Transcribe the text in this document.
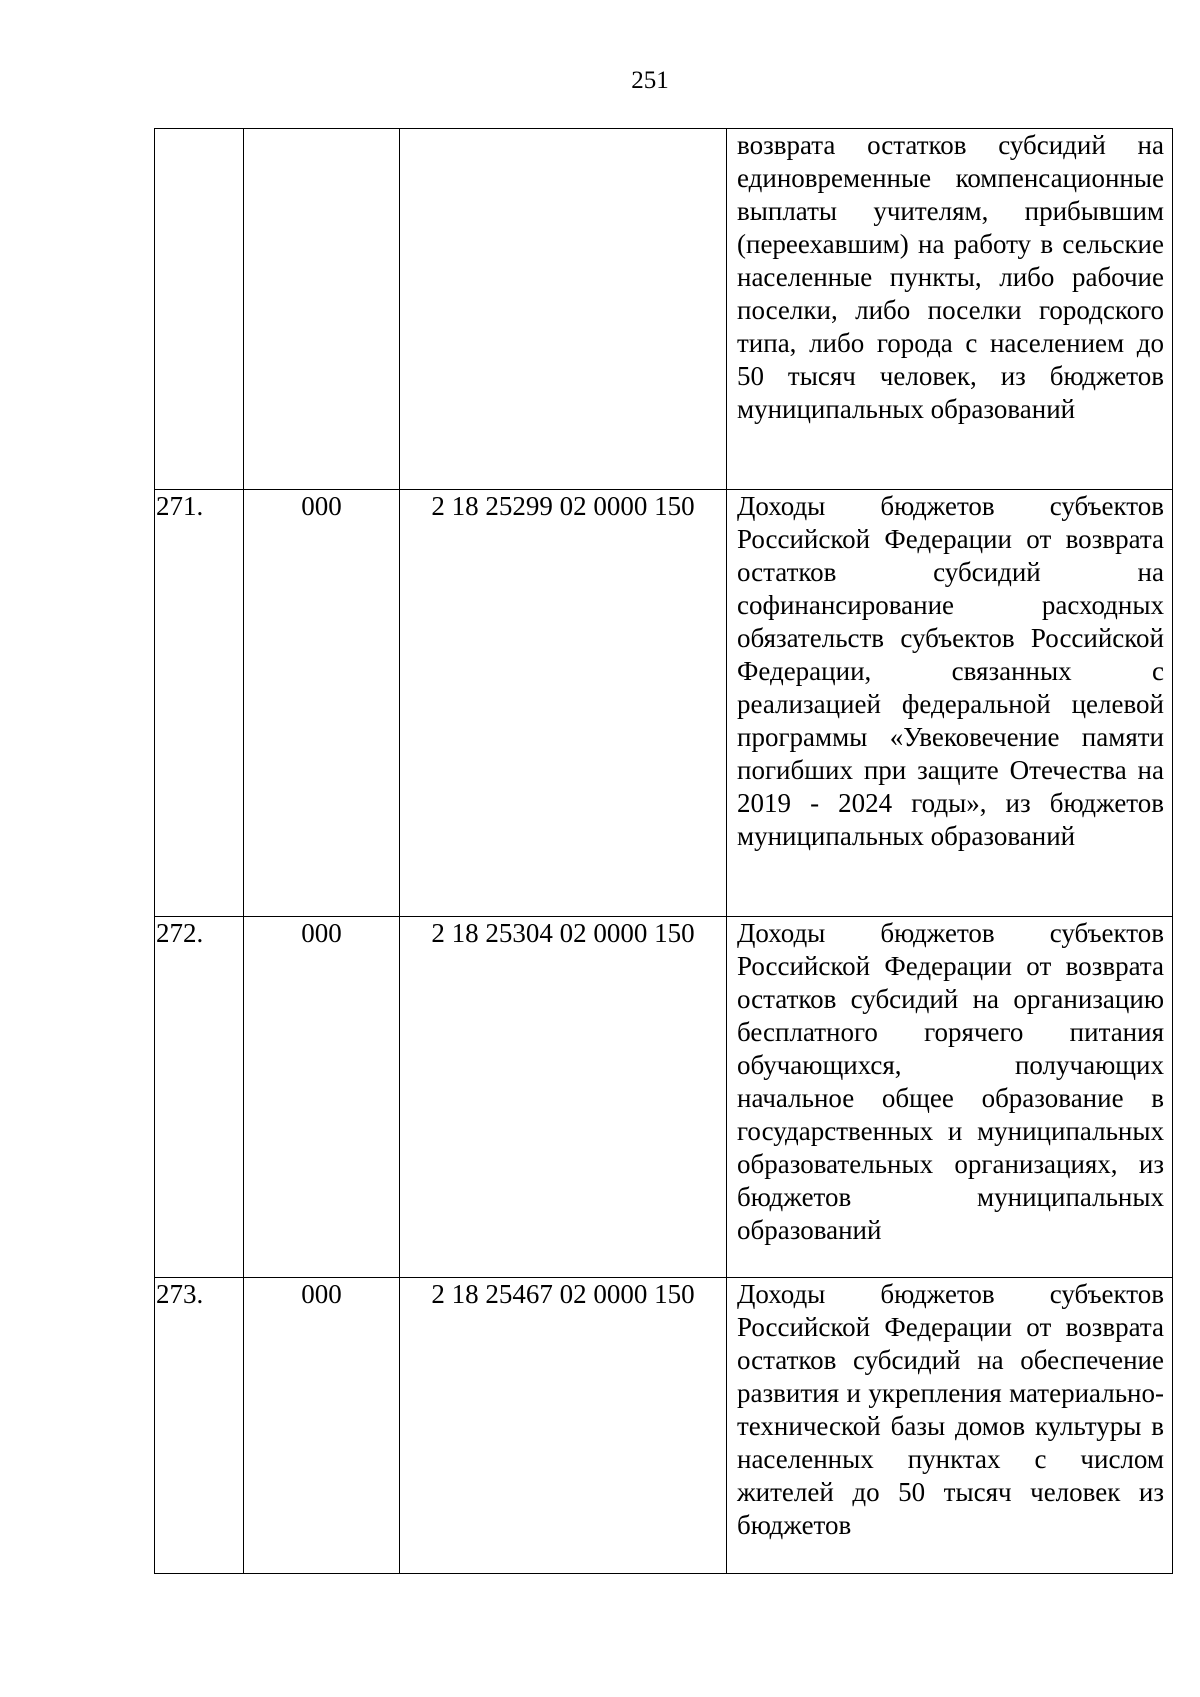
251

			возврата остатков субсидий на единовременные компенсационные выплаты учителям, прибывшим (переехавшим) на работу в сельские населенные пункты, либо рабочие поселки, либо поселки городского типа, либо города с населением до 50 тысяч человек, из бюджетов муниципальных образований

271.	000	2 18 25299 02 0000 150	Доходы бюджетов субъектов Российской Федерации от возврата остатков субсидий на софинансирование расходных обязательств субъектов Российской Федерации, связанных с реализацией федеральной целевой программы «Увековечение памяти погибших при защите Отечества на 2019 - 2024 годы», из бюджетов муниципальных образований

272.	000	2 18 25304 02 0000 150	Доходы бюджетов субъектов Российской Федерации от возврата остатков субсидий на организацию бесплатного горячего питания обучающихся, получающих начальное общее образование в государственных и муниципальных образовательных организациях, из бюджетов муниципальных образований

273.	000	2 18 25467 02 0000 150	Доходы бюджетов субъектов Российской Федерации от возврата остатков субсидий на обеспечение развития и укрепления материально-технической базы домов культуры в населенных пунктах с числом жителей до 50 тысяч человек из бюджетов
